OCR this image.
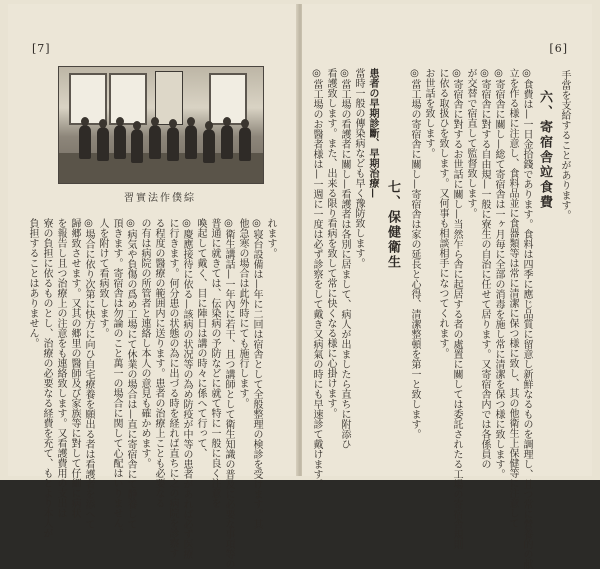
[7]	[6]
習實法作僕綜
れます。
◎寝台設備は—年に二回は宿舎として全般整理の検診を受けます。其
他急寒の場合は此外時にても施行します。
◎衛生講話—一年內に若干、且つ講師として衛生知識の普及に必要な事項等の
普通に就きては、伝染病の予防などに就て特に一般に良く注意を
喚起して戴く、目に陣日は講の時々に係へて行って、
◎慶應接待に依る—該病の状况等の為め防疫が中等の患者があれば必ず医療
に行きます。何分患の状態の為に出づる時を経れば直ちに之の病院を診察す
る程度の醫療の範囲内に送ります。患者の治療上ことも必要なる
の有は病院の所管者と連絡し本人の意見も確かめます。
◎病気や負傷の爲め工場にて休業の場合は—直に寄宿舎にて静養して
頂きます。寄宿舎は勿論のこと萬一の場合に関して心配はいりません。
人を附けて看病致します。
◎場合に依り次第に快方に向ひ自宅療養を願出る者は看護者を添へて
歸郷致させます。又其の郷里の醫師及び家族等に對して仔細に病状
を報告し且つ治療上の注意をも連絡致します。又看護費用の支出は
寮の負担に依るものとし、治療の必要なる経費を充て、もとより本人が
負担することはありません。
手當を支給することがあります。
六、寄宿舎竝食費
◎食費は—一日金拾錢であります。食料は四季に應じ品質に留意し新鮮なるものを調理し、且つ常に營養的の献
立を作る様に注意し、食料品並に食器類等は常に清潔に保つ様に致し、其の他衛生上保健等に注意して
◎寄宿舎に關し—総て寄宿舎は一ヶ月毎に全部の消毒を施し常に清潔を保つ様に致します。
◎寄宿舎に對する自由規—一般に寮生の自治に任せて居ります。又寄宿舎内では各係員の
が交替で宿直して監督致します。
◎寄宿舎に對するお世話に關し—当然乍ら舎に起居する者の處置に關しては委託されたる工場の寄宿舎規則
に依る取扱ひを致します。又何事も相談相手になつてくれます。
お世話を致します。
◎當工場の寄宿舎に關し—寄宿舎は家の延長と心得、清潔整頓を第一と致します。
七、保健衛生
患者の早期診斷、早期治療—
當時一般の傳染病なども早く豫防致します。
◎當工場の看護者に關し—看護者は各別に居まして、病人が出ましたら直ちに附添ひ
看護致します。また、出来る限り看病を致して常に快くなる様に心掛けます。
◎當工場のお醫者様は—一週に一度は必ず診察をして戴き又病氣の時にも早速診て戴けます。
